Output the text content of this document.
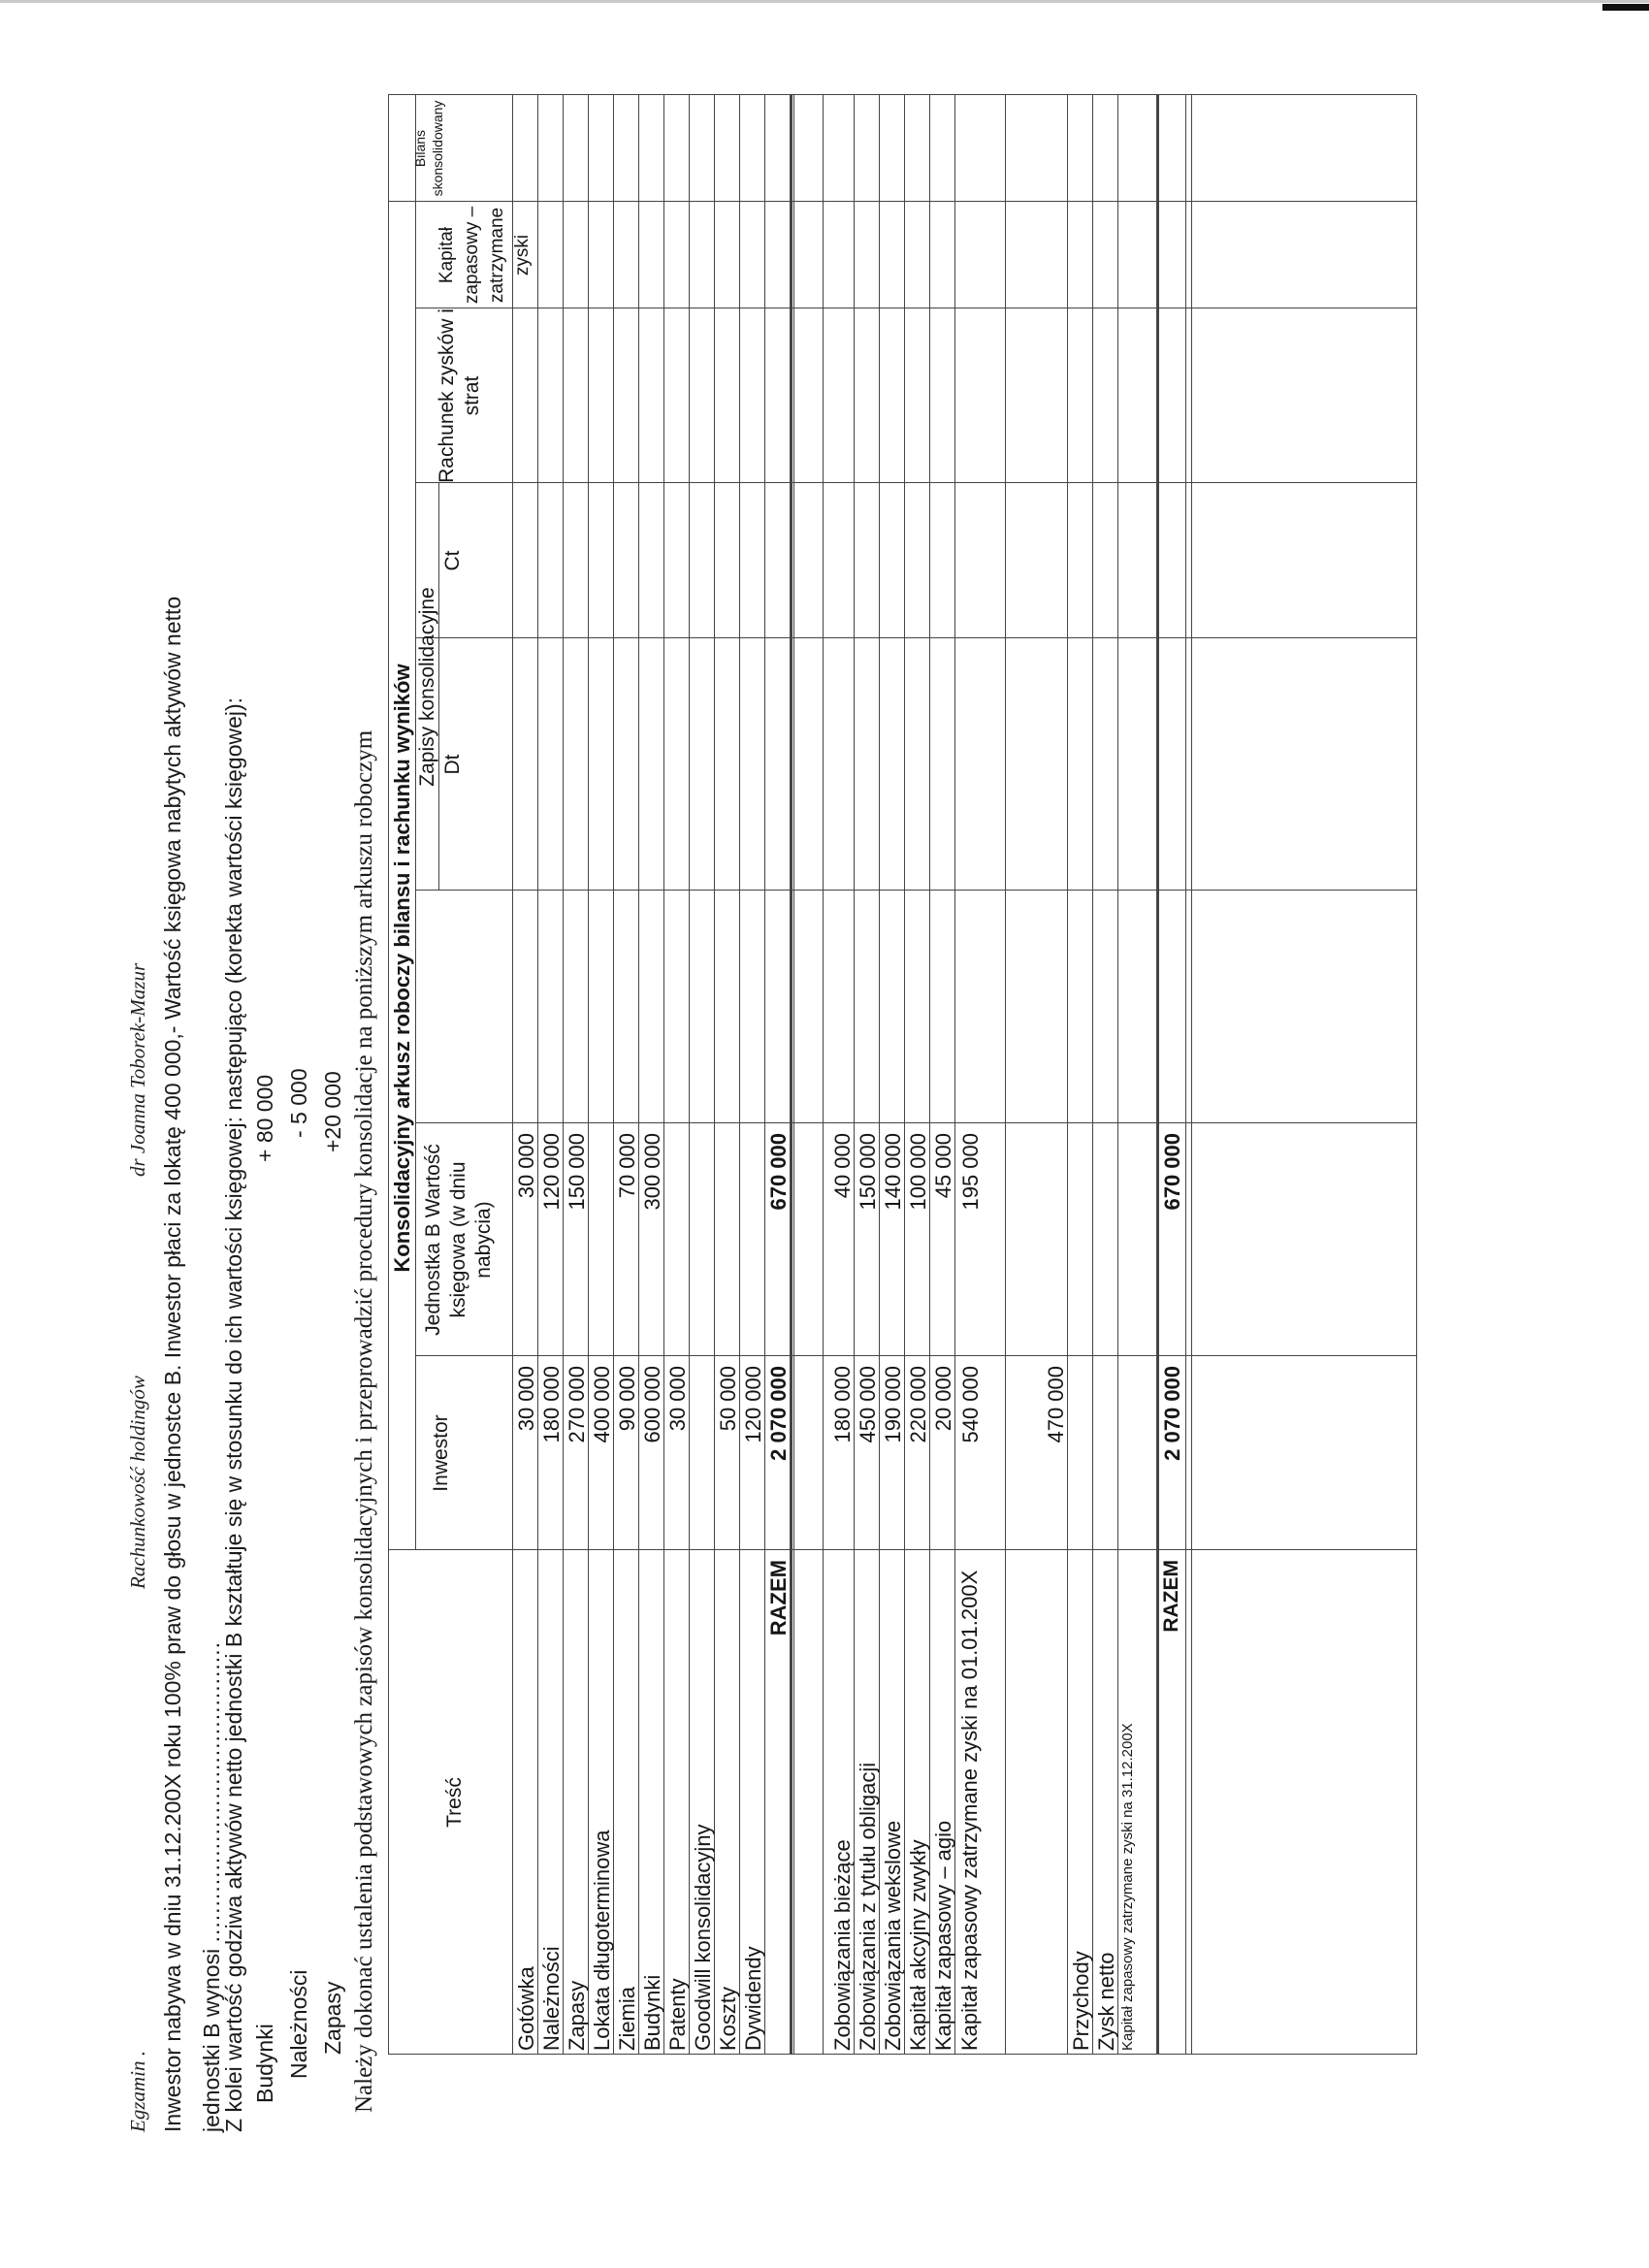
Egzamin .
Rachunkowość holdingów
dr Joanna Toborek-Mazur Inwestor nabywa w dniu 31.12.200X roku 100% praw do głosu w jednostce B. Inwestor płaci za lokatę 400 000,- Wartość księgowa nabytych aktywów netto jednostki B wynosi ..........................................
Z kolei wartość godziwa aktywów netto jednostki B kształtuje się w stosunku do ich wartości księgowej: następująco (korekta wartości księgowej): Budynki
+ 80 000
Należności
- 5 000
Zapasy
+20 000 Należy dokonać ustalenia podstawowych zapisów konsolidacyjnych i przeprowadzić procedury konsolidacje na poniższym arkuszu roboczym Konsolidacyjny arkusz roboczy bilansu i rachunku wyników
Treść
Inwestor
Jednostka B Wartość księgowa (w dniu nabycia)
Zapisy konsolidacyjne Dt
Ct
Rachunek zysków i strat
Kapitał zapasowy – zatrzymane zyski
Bilans skonsolidowany
Gotówka Należności Zapasy Lokata długoterminowa Ziemia Budynki Patenty Goodwill konsolidacyjny Koszty Dywidendy
30 000 180 000 270 000 400 000 90 000 600 000 30 000 50 000 120 000
30 000 120 000 150 000 70 000 300 000
RAZEM
2 070 000
670 000
Zobowiązania bieżące Zobowiązania z tytułu obligacji Zobowiązania wekslowe Kapitał akcyjny zwykły Kapitał zapasowy – agio Kapitał zapasowy zatrzymane zyski na 01.01.200X
180 000 450 000 190 000 220 000 20 000 540 000
40 000 150 000 140 000 100 000 45 000 195 000
Przychody Zysk netto Kapitał zapasowy zatrzymane zyski na 31.12.200X
470 000
RAZEM
2 070 000
670 000
